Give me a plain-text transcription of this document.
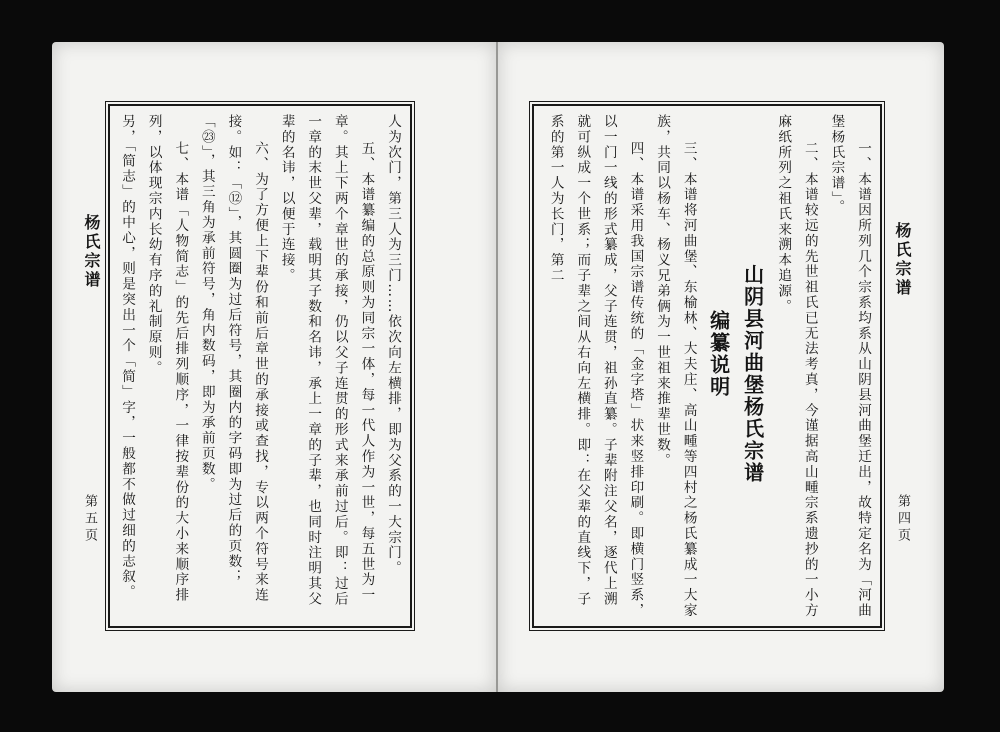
杨氏宗谱
第五页	人为次门，第三人为三门……依次向左横排，即为父系的一大宗门。

五、本谱纂编的总原则为同宗一体，每一代人作为一世，每五世为一章。其上下两个章世的承接，仍以父子连贯的形式来承前过后。即：过后一章的末世父辈，载明其子数和名讳，承上一章的子辈，也同时注明其父辈的名讳，以便于连接。

六、为了方便上下辈份和前后章世的承接或查找，专以两个符号来连接。如：「⑫」，其圆圈为过后符号，其圈内的字码即为过后的页数；「㉓」，其三角为承前符号，角内数码，即为承前页数。

七、本谱「人物简志」的先后排列顺序，一律按辈份的大小来顺序排列，以体现宗内长幼有序的礼制原则。

另，「简志」的中心，则是突出一个「简」字，一般都不做过细的志叙。	杨氏宗谱
第四页

一、本谱因所列几个宗系均系从山阴县河曲堡迁出，故特定名为「河曲堡杨氏宗谱」。

二、本谱较远的先世祖氏已无法考真，今谨据高山畽宗系遗抄的一小方麻纸所列之祖氏来溯本追源。

山阴县河曲堡杨氏宗谱

编纂说明

三、本谱将河曲堡、东榆林、大夫庄、高山畽等四村之杨氏纂成一大家族，共同以杨车、杨义兄弟俩为一世祖来推辈世数。

四、本谱采用我国宗谱传统的「金字塔」状来竖排印刷。即横门竖系，以一门一线的形式纂成，父子连贯，祖孙直纂。子辈附注父名，逐代上溯就可纵成一个世系；而子辈之间从右向左横排。即：在父辈的直线下，子系的第一人为长门，第二
